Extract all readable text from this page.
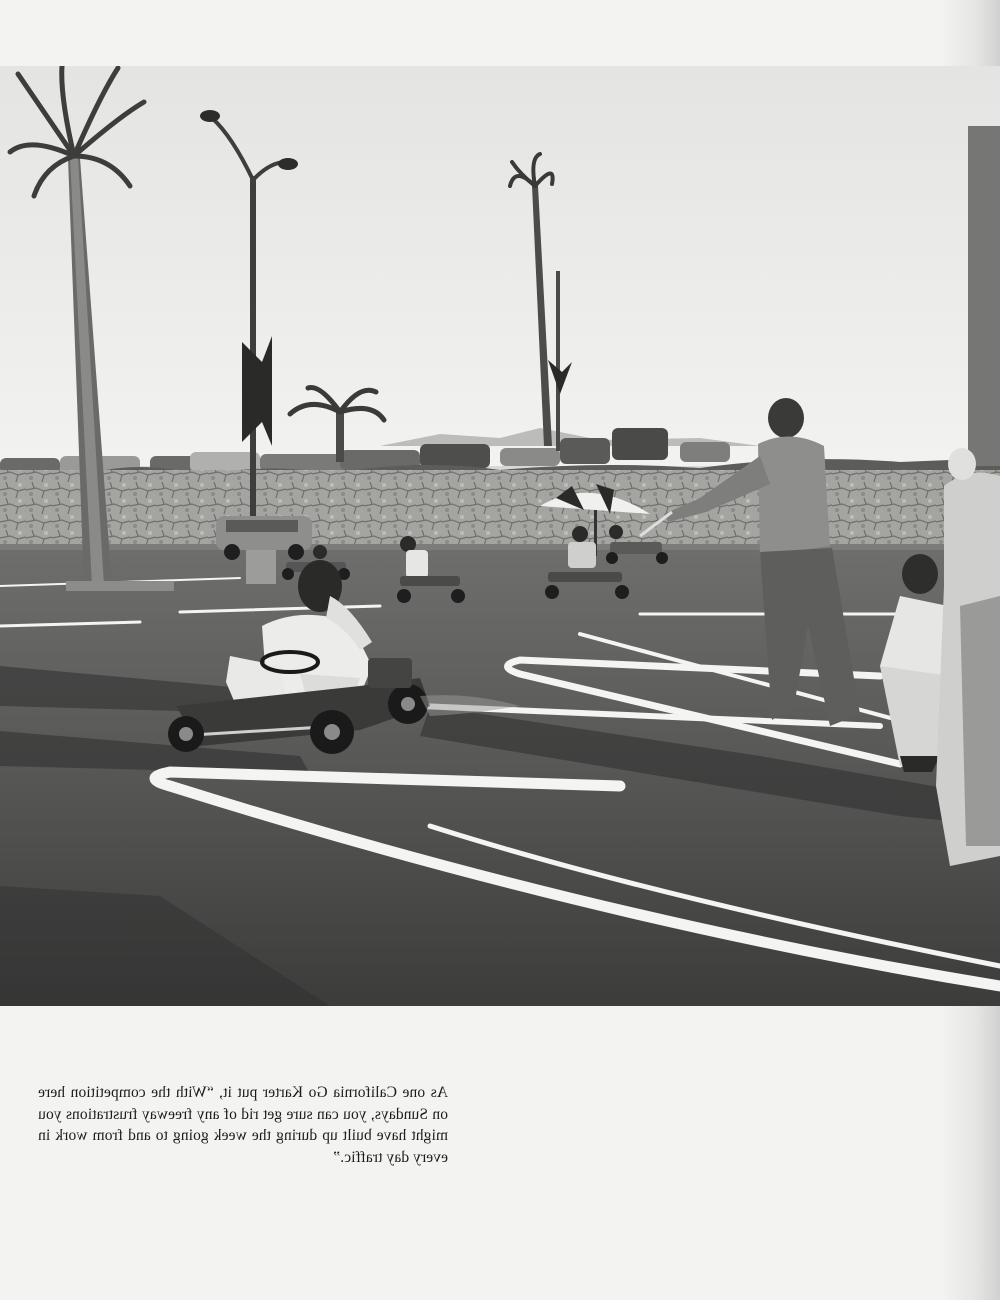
As one California Go Karter put it, “With the competition here on Sundays, you can sure get rid of any freeway frustrations you might have built up during the week going to and from work in every day traffic.”
